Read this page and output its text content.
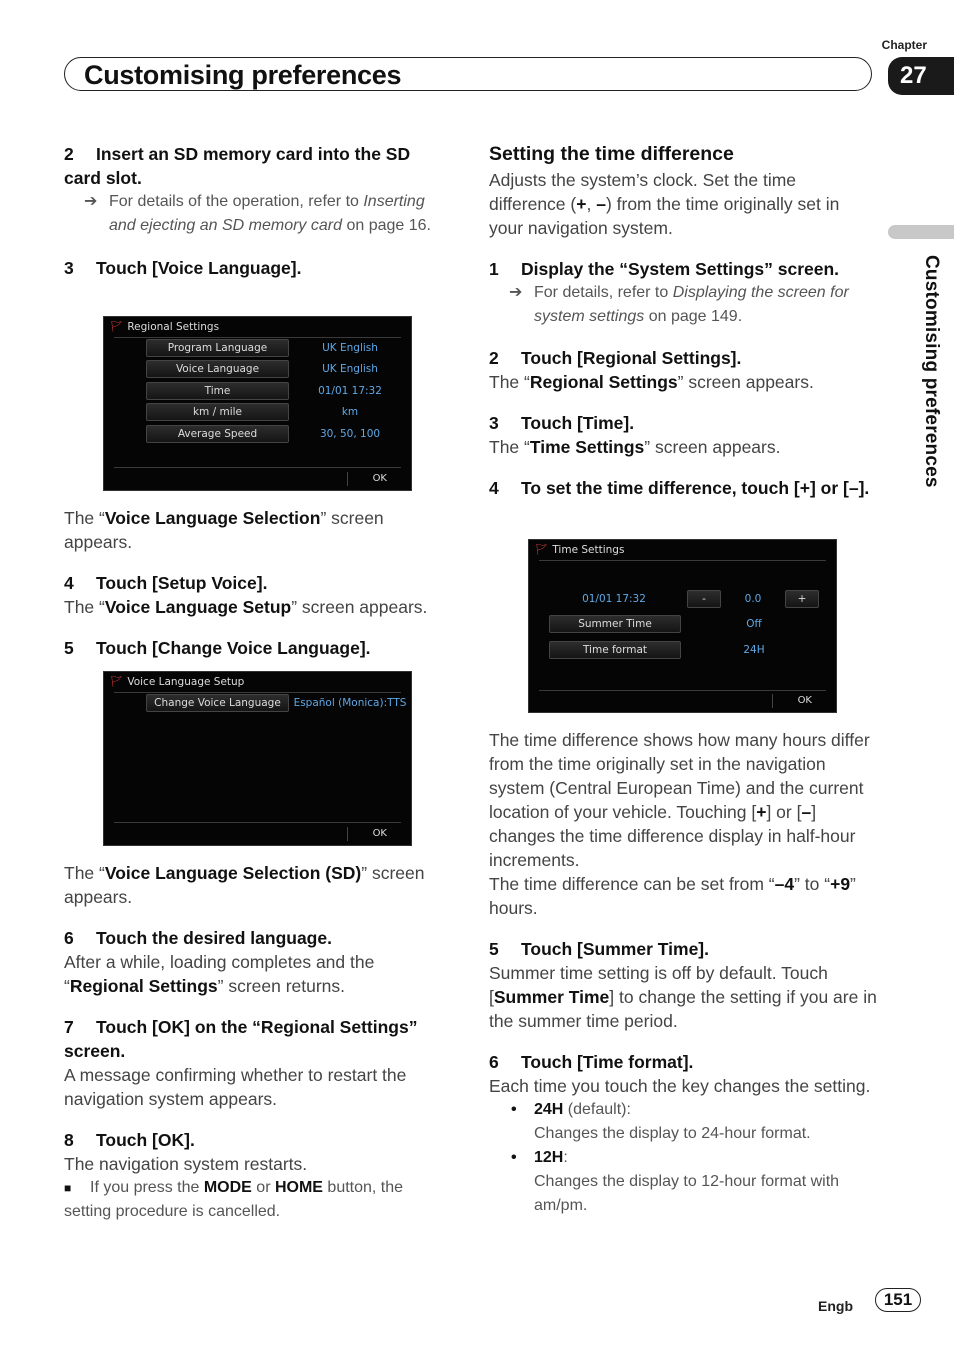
Chapter
Customising preferences	27
Customising preferences

2 Insert an SD memory card into the SD card slot.

➔ For details of the operation, refer to Inserting and ejecting an SD memory card on page 16.

3 Touch [Voice Language].

🚩︎ Regional Settings
Program Language	UK English
Voice Language	UK English
Time	01/01 17:32
km / mile	km
Average Speed	30, 50, 100
OK

The “Voice Language Selection” screen appears.

4 Touch [Setup Voice].

The “Voice Language Setup” screen appears.

5 Touch [Change Voice Language].

🚩︎ Voice Language Setup
Change Voice Language	Español (Monica):TTS
OK

The “Voice Language Selection (SD)” screen appears.

6 Touch the desired language.

After a while, loading completes and the “Regional Settings” screen returns.

7 Touch [OK] on the “Regional Settings” screen.

A message confirming whether to restart the navigation system appears.

8 Touch [OK].

The navigation system restarts.

■ If you press the MODE or HOME button, the setting procedure is cancelled.

Setting the time difference

Adjusts the system’s clock. Set the time difference (+, –) from the time originally set in your navigation system.

1 Display the “System Settings” screen.

➔ For details, refer to Displaying the screen for system settings on page 149.

2 Touch [Regional Settings].

The “Regional Settings” screen appears.

3 Touch [Time].

The “Time Settings” screen appears.

4 To set the time difference, touch [+] or [–].

🚩︎ Time Settings
01/01 17:32	-	0.0	+
Summer Time	Off
Time format	24H
OK

The time difference shows how many hours differ from the time originally set in the navigation system (Central European Time) and the current location of your vehicle. Touching [+] or [–] changes the time difference display in half-hour increments.

The time difference can be set from “–4” to “+9” hours.

5 Touch [Summer Time].

Summer time setting is off by default. Touch [Summer Time] to change the setting if you are in the summer time period.

6 Touch [Time format].

Each time you touch the key changes the setting.

• 24H (default):
Changes the display to 24-hour format.

• 12H:
Changes the display to 12-hour format with am/pm.

Engb	151
